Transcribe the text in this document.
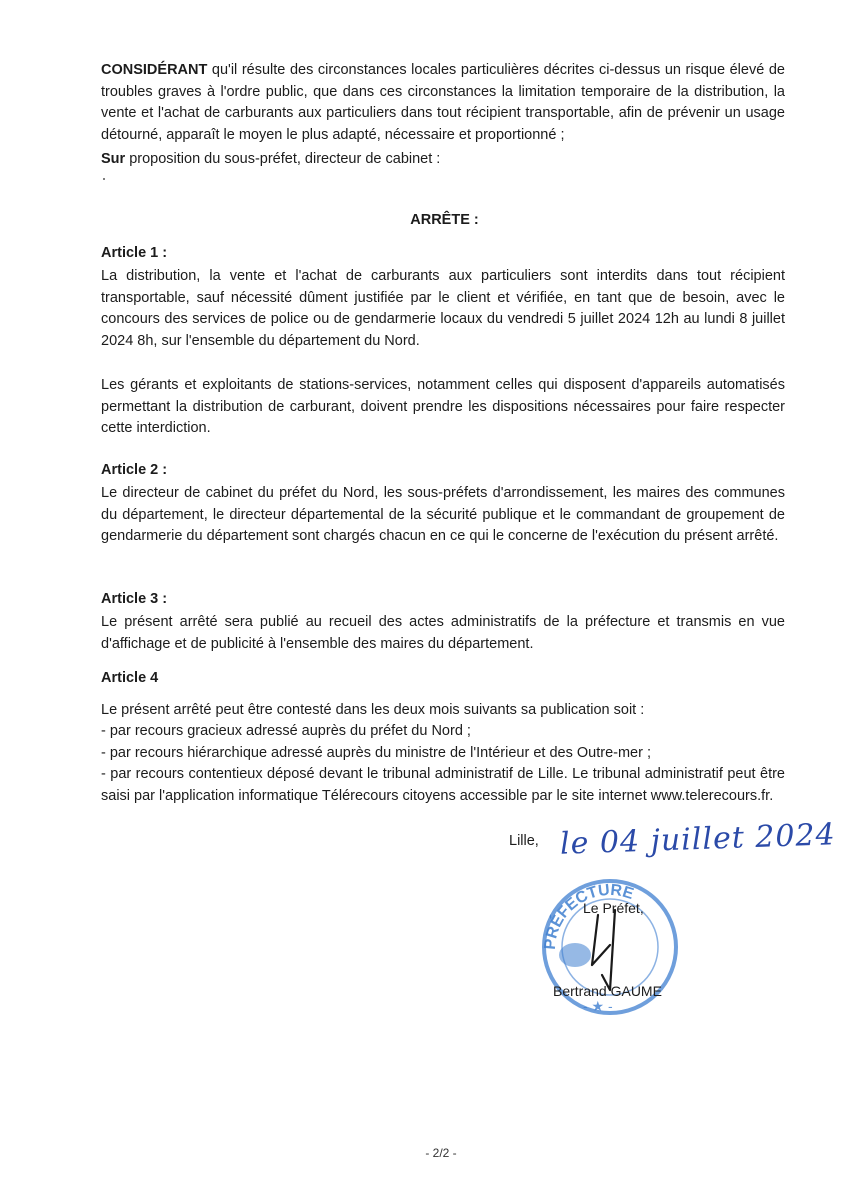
CONSIDÉRANT qu'il résulte des circonstances locales particulières décrites ci-dessus un risque élevé de troubles graves à l'ordre public, que dans ces circonstances la limitation temporaire de la distribution, la vente et l'achat de carburants aux particuliers dans tout récipient transportable, afin de prévenir un usage détourné, apparaît le moyen le plus adapté, nécessaire et proportionné ;

Sur proposition du sous-préfet, directeur de cabinet :

ARRÊTE :

Article 1 :

La distribution, la vente et l'achat de carburants aux particuliers sont interdits dans tout récipient transportable, sauf nécessité dûment justifiée par le client et vérifiée, en tant que de besoin, avec le concours des services de police ou de gendarmerie locaux du vendredi 5 juillet 2024 12h au lundi 8 juillet 2024 8h, sur l'ensemble du département du Nord.

Les gérants et exploitants de stations-services, notamment celles qui disposent d'appareils automatisés permettant la distribution de carburant, doivent prendre les dispositions nécessaires pour faire respecter cette interdiction.

Article 2 :

Le directeur de cabinet du préfet du Nord, les sous-préfets d'arrondissement, les maires des communes du département, le directeur départemental de la sécurité publique et le commandant de groupement de gendarmerie du département sont chargés chacun en ce qui le concerne de l'exécution du présent arrêté.

Article 3 :

Le présent arrêté sera publié au recueil des actes administratifs de la préfecture et transmis en vue d'affichage et de publicité à l'ensemble des maires du département.

Article 4

Le présent arrêté peut être contesté dans les deux mois suivants sa publication soit :

- par recours gracieux adressé auprès du préfet du Nord ;
- par recours hiérarchique adressé auprès du ministre de l'Intérieur et des Outre-mer ;
- par recours contentieux déposé devant le tribunal administratif de Lille. Le tribunal administratif peut être saisi par l'application informatique Télérecours citoyens accessible par le site internet www.telerecours.fr.
Lille, le 04 juillet 2024
PRÉFECTURE
- ★ -
Le Préfet,
Bertrand GAUME
- 2/2 -
